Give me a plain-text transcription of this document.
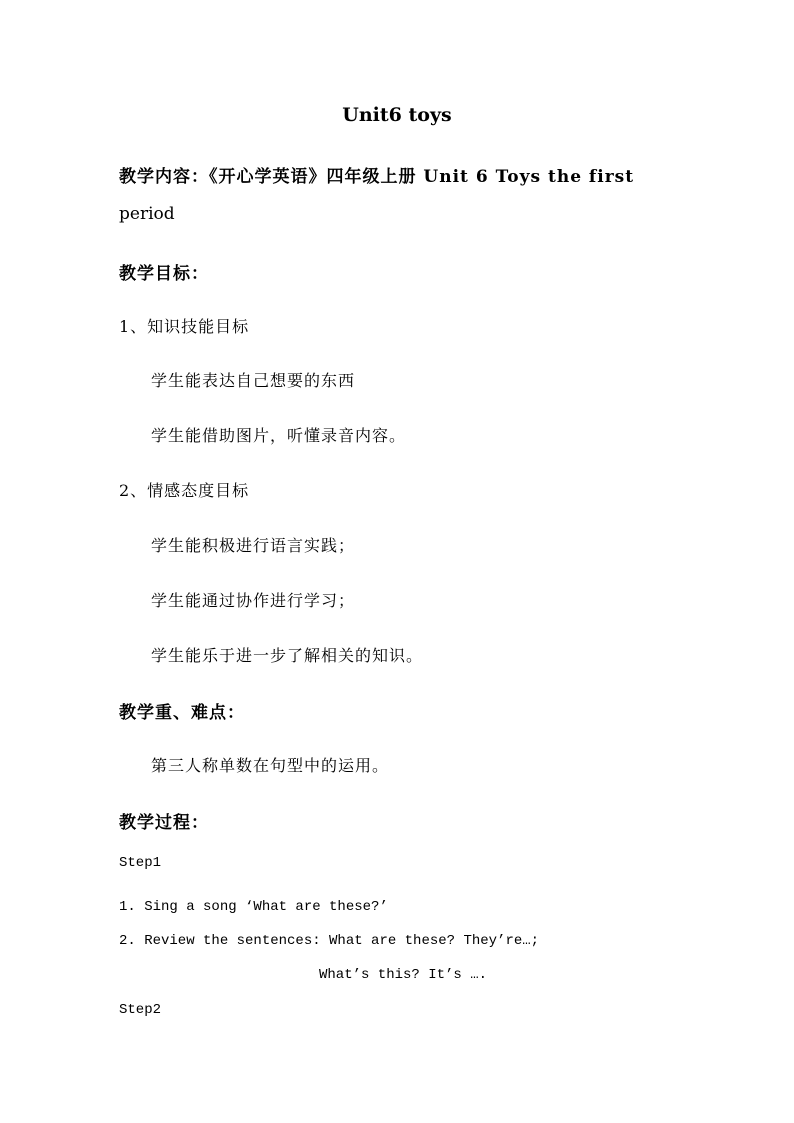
Unit6 toys
教学内容：《开心学英语》四年级上册 Unit 6 Toys the first
period
教学目标：
1、知识技能目标
学生能表达自己想要的东西
学生能借助图片，听懂录音内容。
2、情感态度目标
学生能积极进行语言实践；
学生能通过协作进行学习；
学生能乐于进一步了解相关的知识。
教学重、难点：
第三人称单数在句型中的运用。
教学过程：
Step1
1. Sing a song ‘What are these?’
2. Review the sentences: What are these? They’re…;
What’s this? It’s ….
Step2
